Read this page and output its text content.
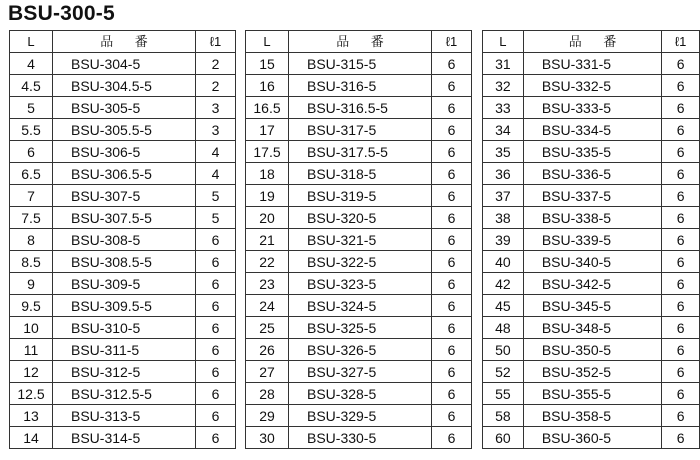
BSU-300-5
L	品 番	ℓ1
4	BSU-304-5	2
4.5	BSU-304.5-5	2
5	BSU-305-5	3
5.5	BSU-305.5-5	3
6	BSU-306-5	4
6.5	BSU-306.5-5	4
7	BSU-307-5	5
7.5	BSU-307.5-5	5
8	BSU-308-5	6
8.5	BSU-308.5-5	6
9	BSU-309-5	6
9.5	BSU-309.5-5	6
10	BSU-310-5	6
11	BSU-311-5	6
12	BSU-312-5	6
12.5	BSU-312.5-5	6
13	BSU-313-5	6
14	BSU-314-5	6
L	品 番	ℓ1
15	BSU-315-5	6
16	BSU-316-5	6
16.5	BSU-316.5-5	6
17	BSU-317-5	6
17.5	BSU-317.5-5	6
18	BSU-318-5	6
19	BSU-319-5	6
20	BSU-320-5	6
21	BSU-321-5	6
22	BSU-322-5	6
23	BSU-323-5	6
24	BSU-324-5	6
25	BSU-325-5	6
26	BSU-326-5	6
27	BSU-327-5	6
28	BSU-328-5	6
29	BSU-329-5	6
30	BSU-330-5	6
L	品 番	ℓ1
31	BSU-331-5	6
32	BSU-332-5	6
33	BSU-333-5	6
34	BSU-334-5	6
35	BSU-335-5	6
36	BSU-336-5	6
37	BSU-337-5	6
38	BSU-338-5	6
39	BSU-339-5	6
40	BSU-340-5	6
42	BSU-342-5	6
45	BSU-345-5	6
48	BSU-348-5	6
50	BSU-350-5	6
52	BSU-352-5	6
55	BSU-355-5	6
58	BSU-358-5	6
60	BSU-360-5	6
